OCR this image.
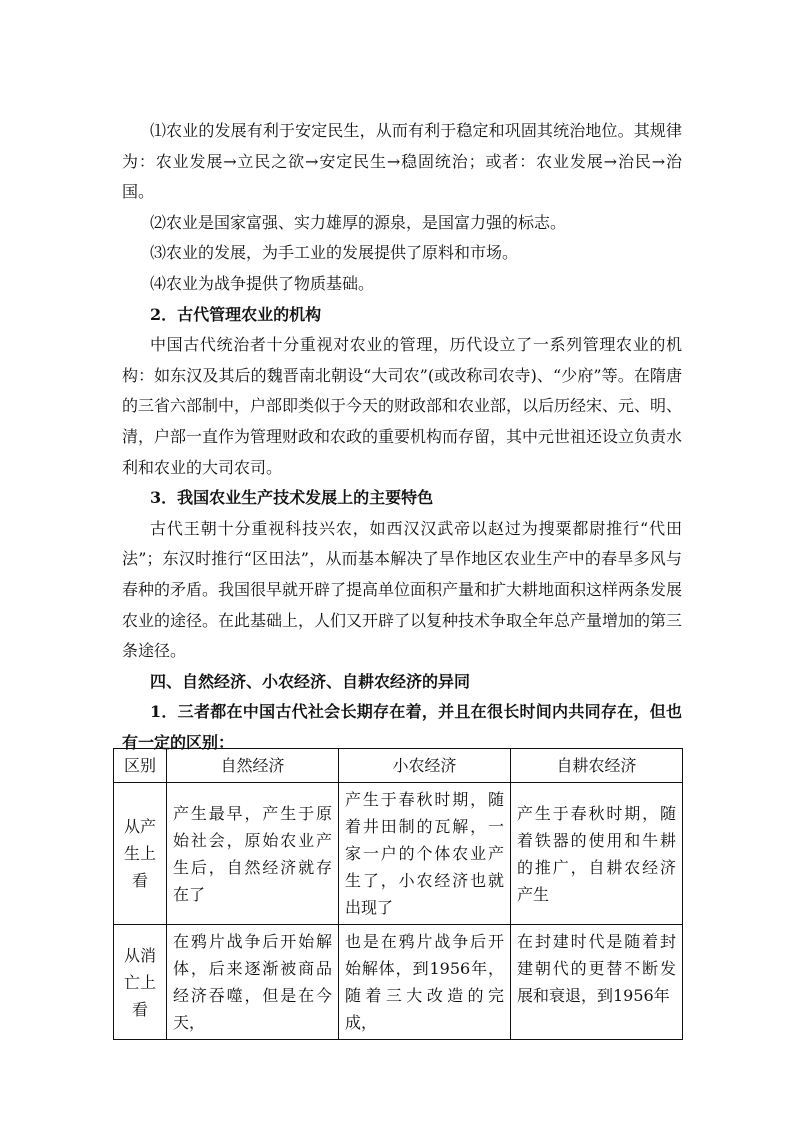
⑴农业的发展有利于安定民生，从而有利于稳定和巩固其统治地位。其规律为：农业发展→立民之欲→安定民生→稳固统治；或者：农业发展→治民→治国。

⑵农业是国家富强、实力雄厚的源泉，是国富力强的标志。

⑶农业的发展，为手工业的发展提供了原料和市场。

⑷农业为战争提供了物质基础。

2．古代管理农业的机构

中国古代统治者十分重视对农业的管理，历代设立了一系列管理农业的机构：如东汉及其后的魏晋南北朝设“大司农”(或改称司农寺)、“少府”等。在隋唐的三省六部制中，户部即类似于今天的财政部和农业部，以后历经宋、元、明、清，户部一直作为管理财政和农政的重要机构而存留，其中元世祖还设立负责水利和农业的大司农司。

3．我国农业生产技术发展上的主要特色

古代王朝十分重视科技兴农，如西汉汉武帝以赵过为搜粟都尉推行“代田法”；东汉时推行“区田法”，从而基本解决了旱作地区农业生产中的春旱多风与春种的矛盾。我国很早就开辟了提高单位面积产量和扩大耕地面积这样两条发展农业的途径。在此基础上，人们又开辟了以复种技术争取全年总产量增加的第三条途径。

四、自然经济、小农经济、自耕农经济的异同

1．三者都在中国古代社会长期存在着，并且在很长时间内共同存在，但也有一定的区别：

区别	自然经济	小农经济	自耕农经济
从产生上看	产生最早，产生于原始社会，原始农业产生后，自然经济就存在了	产生于春秋时期，随着井田制的瓦解，一家一户的个体农业产生了，小农经济也就出现了	产生于春秋时期，随着铁器的使用和牛耕的推广，自耕农经济产生
从消亡上看	在鸦片战争后开始解体，后来逐渐被商品经济吞噬，但是在今天，	也是在鸦片战争后开始解体，到1956年，随着三大改造的完成，	在封建时代是随着封建朝代的更替不断发展和衰退，到1956年
